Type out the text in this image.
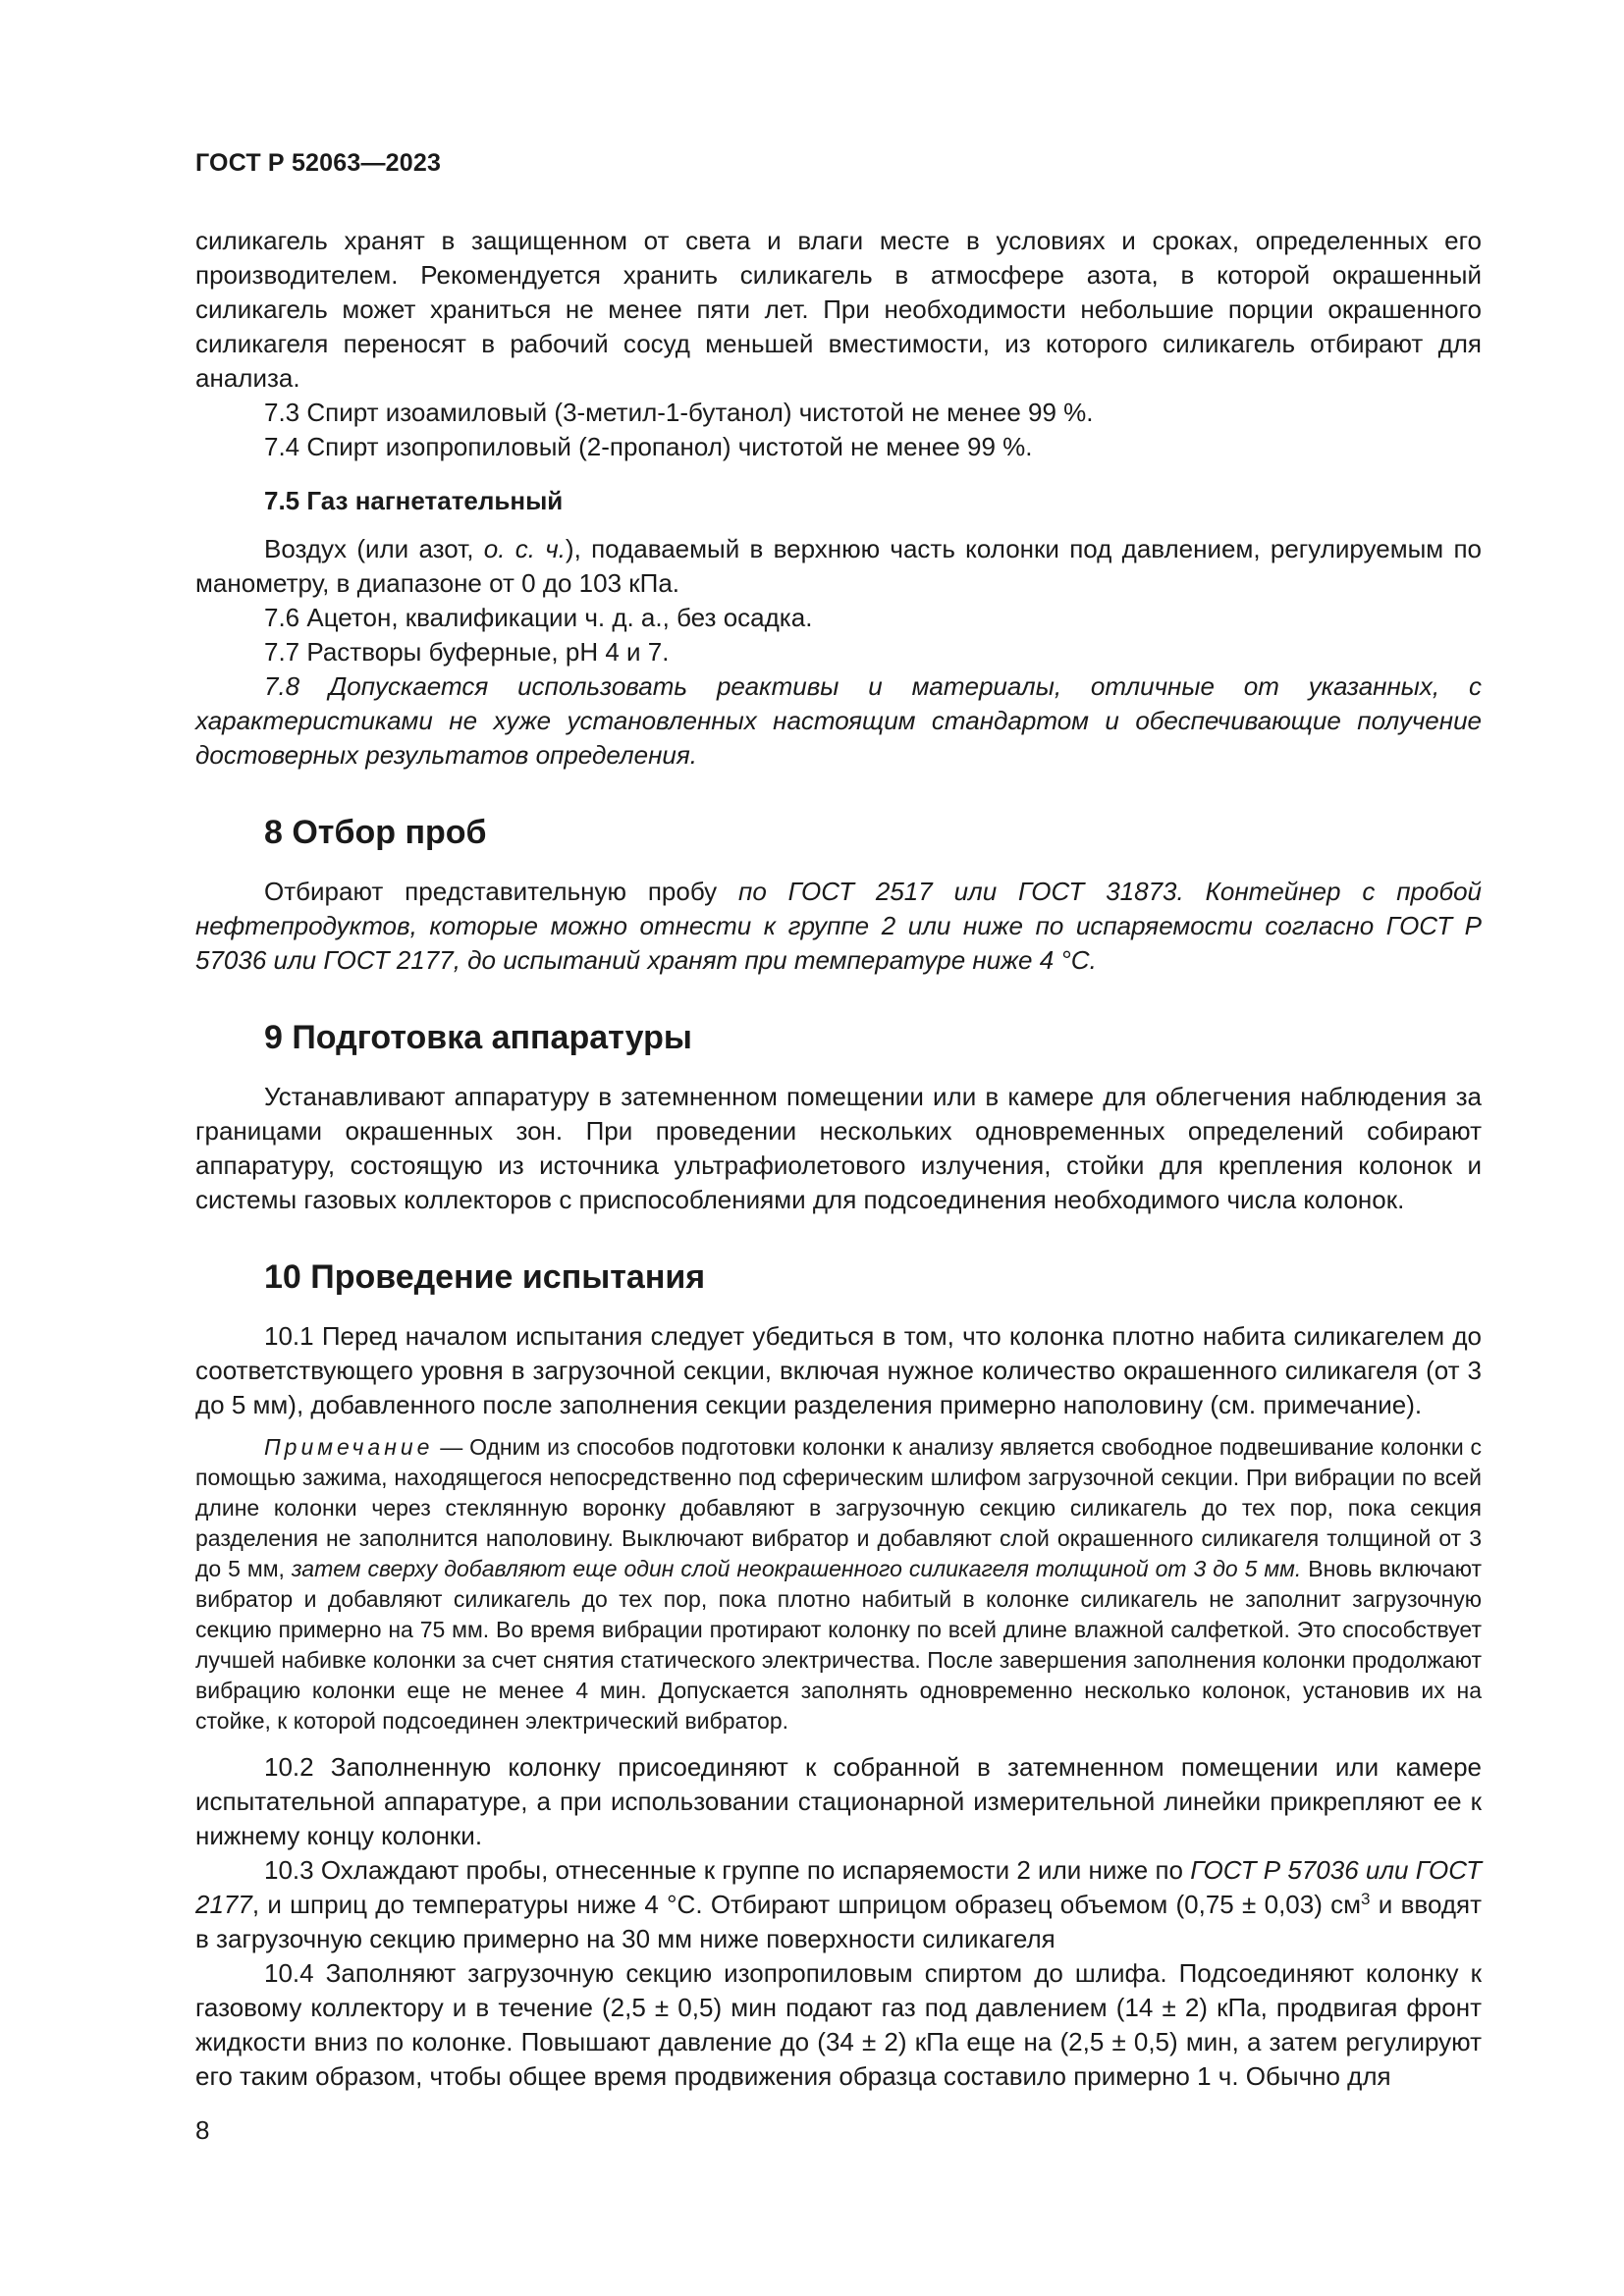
ГОСТ Р 52063—2023

силикагель хранят в защищенном от света и влаги месте в условиях и сроках, определенных его производителем. Рекомендуется хранить силикагель в атмосфере азота, в которой окрашенный силикагель может храниться не менее пяти лет. При необходимости небольшие порции окрашенного силикагеля переносят в рабочий сосуд меньшей вместимости, из которого силикагель отбирают для анализа.

7.3 Спирт изоамиловый (3-метил-1-бутанол) чистотой не менее 99 %.

7.4 Спирт изопропиловый (2-пропанол) чистотой не менее 99 %.

7.5 Газ нагнетательный

Воздух (или азот, о. с. ч.), подаваемый в верхнюю часть колонки под давлением, регулируемым по манометру, в диапазоне от 0 до 103 кПа.

7.6 Ацетон, квалификации ч. д. а., без осадка.

7.7 Растворы буферные, pH 4 и 7.

7.8 Допускается использовать реактивы и материалы, отличные от указанных, с характеристиками не хуже установленных настоящим стандартом и обеспечивающие получение достоверных результатов определения.

8 Отбор проб

Отбирают представительную пробу по ГОСТ 2517 или ГОСТ 31873. Контейнер с пробой нефтепродуктов, которые можно отнести к группе 2 или ниже по испаряемости согласно ГОСТ Р 57036 или ГОСТ 2177, до испытаний хранят при температуре ниже 4 °С.

9 Подготовка аппаратуры

Устанавливают аппаратуру в затемненном помещении или в камере для облегчения наблюдения за границами окрашенных зон. При проведении нескольких одновременных определений собирают аппаратуру, состоящую из источника ультрафиолетового излучения, стойки для крепления колонок и системы газовых коллекторов с приспособлениями для подсоединения необходимого числа колонок.

10 Проведение испытания

10.1 Перед началом испытания следует убедиться в том, что колонка плотно набита силикагелем до соответствующего уровня в загрузочной секции, включая нужное количество окрашенного силикагеля (от 3 до 5 мм), добавленного после заполнения секции разделения примерно наполовину (см. примечание).

Примечание — Одним из способов подготовки колонки к анализу является свободное подвешивание колонки с помощью зажима, находящегося непосредственно под сферическим шлифом загрузочной секции. При вибрации по всей длине колонки через стеклянную воронку добавляют в загрузочную секцию силикагель до тех пор, пока секция разделения не заполнится наполовину. Выключают вибратор и добавляют слой окрашенного силикагеля толщиной от 3 до 5 мм, затем сверху добавляют еще один слой неокрашенного силикагеля толщиной от 3 до 5 мм. Вновь включают вибратор и добавляют силикагель до тех пор, пока плотно набитый в колонке силикагель не заполнит загрузочную секцию примерно на 75 мм. Во время вибрации протирают колонку по всей длине влажной салфеткой. Это способствует лучшей набивке колонки за счет снятия статического электричества. После завершения заполнения колонки продолжают вибрацию колонки еще не менее 4 мин. Допускается заполнять одновременно несколько колонок, установив их на стойке, к которой подсоединен электрический вибратор.

10.2 Заполненную колонку присоединяют к собранной в затемненном помещении или камере испытательной аппаратуре, а при использовании стационарной измерительной линейки прикрепляют ее к нижнему концу колонки.

10.3 Охлаждают пробы, отнесенные к группе по испаряемости 2 или ниже по ГОСТ Р 57036 или ГОСТ 2177, и шприц до температуры ниже 4 °С. Отбирают шприцом образец объемом (0,75 ± 0,03) $см^3$ и вводят в загрузочную секцию примерно на 30 мм ниже поверхности силикагеля

10.4 Заполняют загрузочную секцию изопропиловым спиртом до шлифа. Подсоединяют колонку к газовому коллектору и в течение (2,5 ± 0,5) мин подают газ под давлением (14 ± 2) кПа, продвигая фронт жидкости вниз по колонке. Повышают давление до (34 ± 2) кПа еще на (2,5 ± 0,5) мин, а затем регулируют его таким образом, чтобы общее время продвижения образца составило примерно 1 ч. Обычно для

8
